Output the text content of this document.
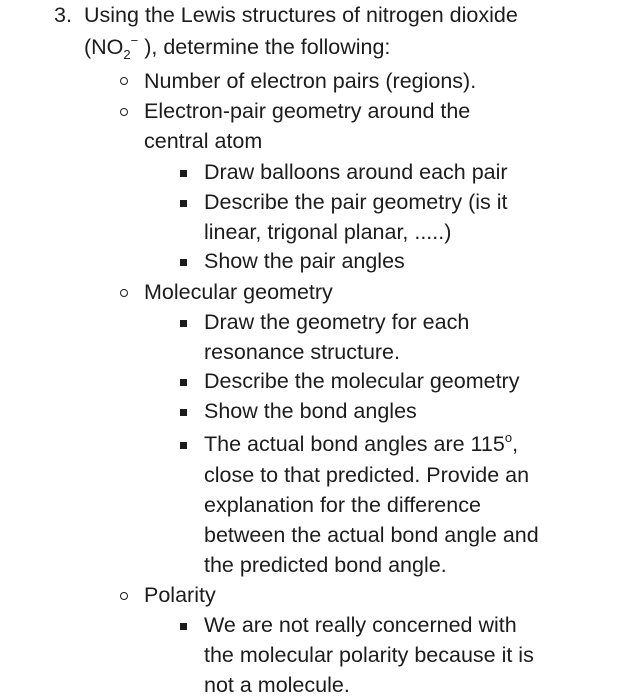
3. Using the Lewis structures of nitrogen dioxide
($NO_2^-$ ), determine the following:
Number of electron pairs (regions).
Electron-pair geometry around the
central atom
Draw balloons around each pair
Describe the pair geometry (is it
linear, trigonal planar, .....)
Show the pair angles
Molecular geometry
Draw the geometry for each
resonance structure.
Describe the molecular geometry
Show the bond angles
The actual bond angles are 115$^o$,
close to that predicted. Provide an
explanation for the difference
between the actual bond angle and
the predicted bond angle.
Polarity
We are not really concerned with
the molecular polarity because it is
not a molecule.
